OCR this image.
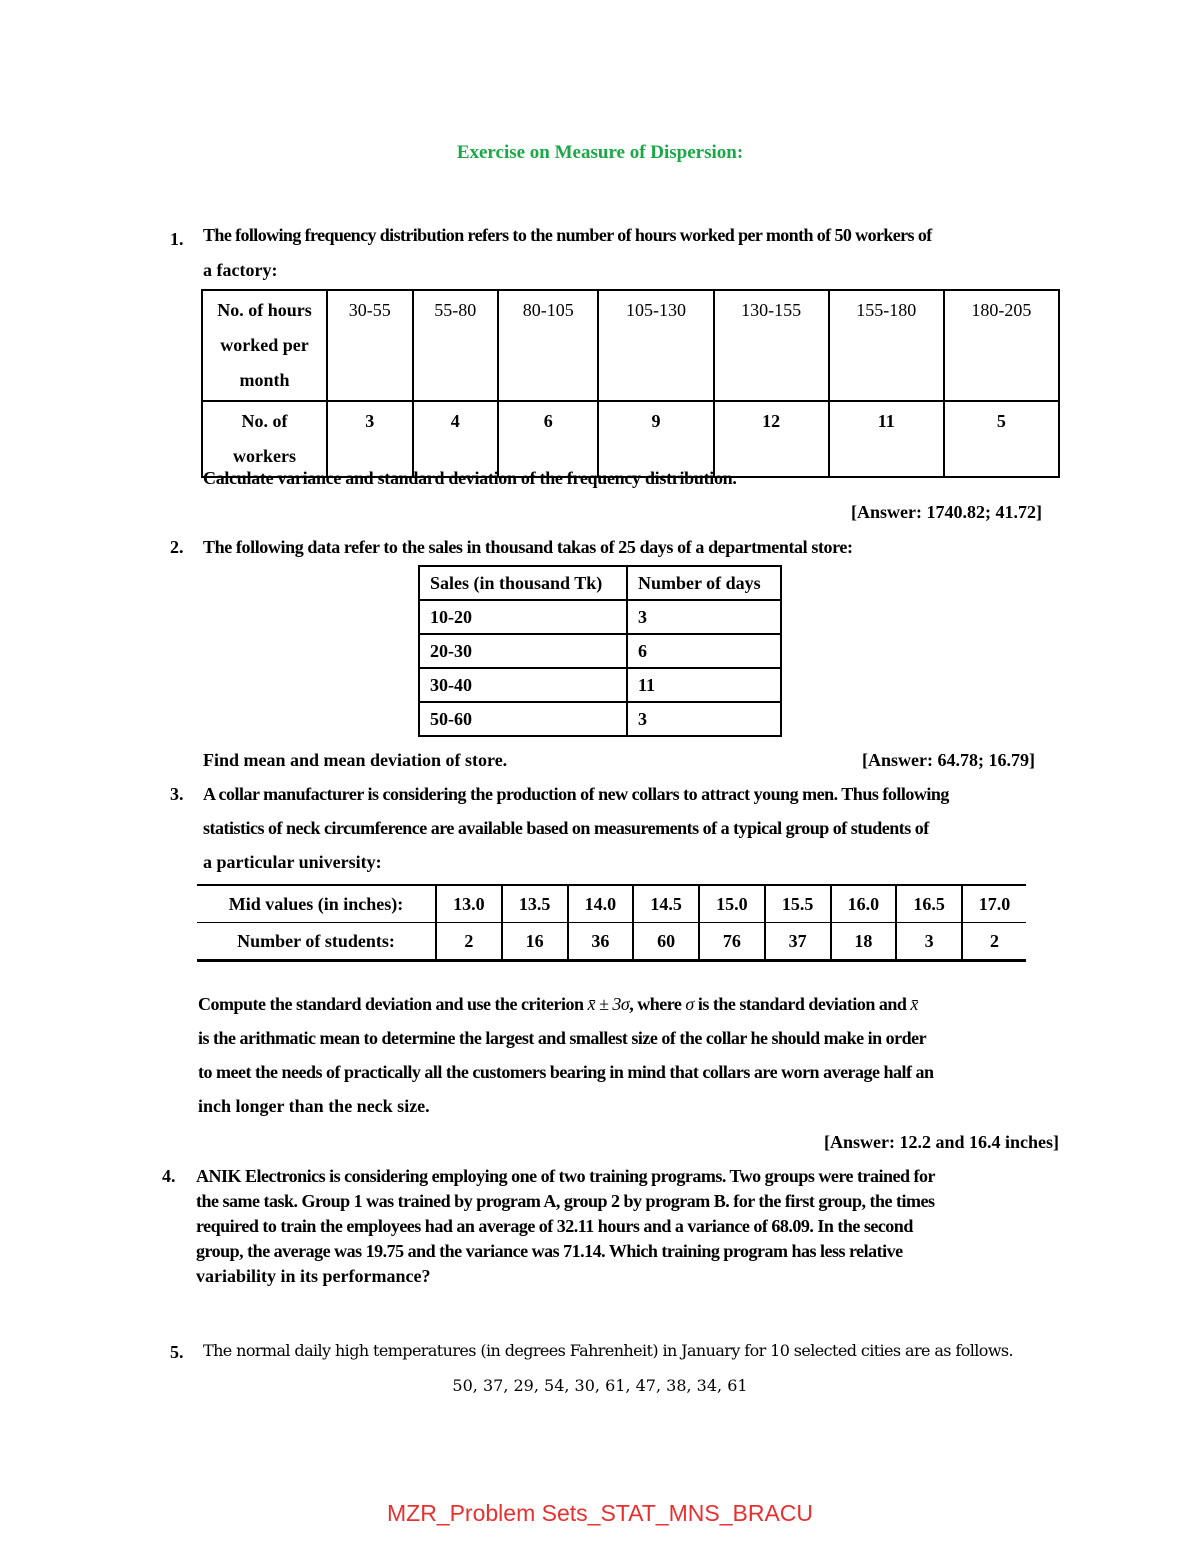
Exercise on Measure of Dispersion:
1. The following frequency distribution refers to the number of hours worked per month of 50 workers of
a factory:
No. of hours
worked per
month	30-55	55-80	80-105	105-130	130-155	155-180	180-205

No. of
workers	3	4	6	9	12	11	5
Calculate variance and standard deviation of the frequency distribution.
[Answer: 1740.82; 41.72]
2. The following data refer to the sales in thousand takas of 25 days of a departmental store:
Sales (in thousand Tk)	Number of days
10-20	3
20-30	6
30-40	11
50-60	3
Find mean and mean deviation of store.	[Answer: 64.78; 16.79]
3. A collar manufacturer is considering the production of new collars to attract young men. Thus following
statistics of neck circumference are available based on measurements of a typical group of students of
a particular university:
Mid values (in inches):	13.0	13.5	14.0	14.5	15.0	15.5	16.0	16.5	17.0
Number of students:	2	16	36	60	76	37	18	3	2
Compute the standard deviation and use the criterion x̄ ± 3σ, where σ is the standard deviation and x̄
is the arithmatic mean to determine the largest and smallest size of the collar he should make in order
to meet the needs of practically all the customers bearing in mind that collars are worn average half an
inch longer than the neck size.
[Answer: 12.2 and 16.4 inches]
4. ANIK Electronics is considering employing one of two training programs. Two groups were trained for
the same task. Group 1 was trained by program A, group 2 by program B. for the first group, the times
required to train the employees had an average of 32.11 hours and a variance of 68.09. In the second
group, the average was 19.75 and the variance was 71.14. Which training program has less relative
variability in its performance?
5. The normal daily high temperatures (in degrees Fahrenheit) in January for 10 selected cities are as follows.
50, 37, 29, 54, 30, 61, 47, 38, 34, 61
MZR_Problem Sets_STAT_MNS_BRACU
